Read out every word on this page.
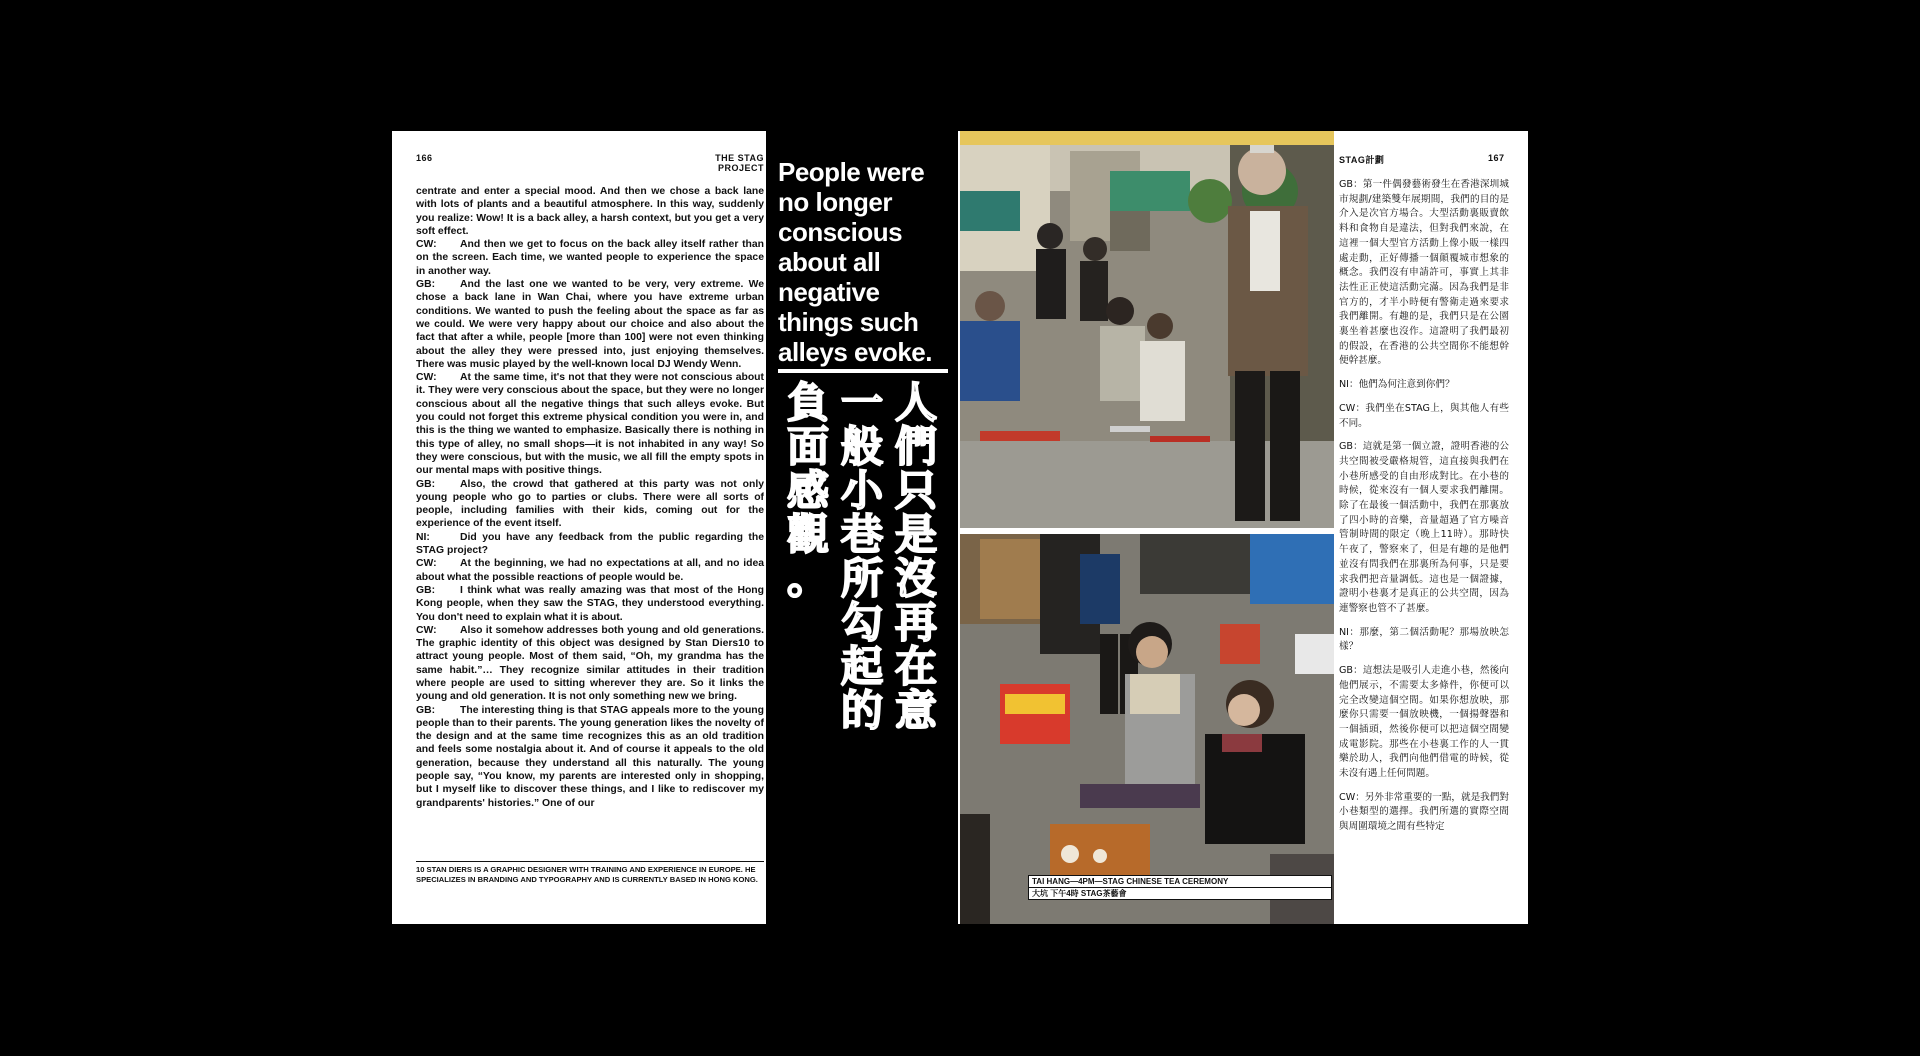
166	THE STAG PROJECT

centrate and enter a special mood. And then we chose a back lane with lots of plants and a beautiful atmosphere. In this way, suddenly you realize: Wow! It is a back alley, a harsh context, but you get a very soft effect.

CW: And then we get to focus on the back alley itself rather than on the screen. Each time, we wanted people to experience the space in another way.

GB: And the last one we wanted to be very, very extreme. We chose a back lane in Wan Chai, where you have extreme urban conditions. We wanted to push the feeling about the space as far as we could. We were very happy about our choice and also about the fact that after a while, people [more than 100] were not even thinking about the alley they were pressed into, just enjoying themselves. There was music played by the well-known local DJ Wendy Wenn.

CW: At the same time, it's not that they were not conscious about it. They were very conscious about the space, but they were no longer conscious about all the negative things that such alleys evoke. But you could not forget this extreme physical condition you were in, and this is the thing we wanted to emphasize. Basically there is nothing in this type of alley, no small shops—it is not inhabited in any way! So they were conscious, but with the music, we all fill the empty spots in our mental maps with positive things.

GB: Also, the crowd that gathered at this party was not only young people who go to parties or clubs. There were all sorts of people, including families with their kids, coming out for the experience of the event itself.

NI:	Did you have any feedback from the public regarding the STAG project?

CW: At the beginning, we had no expectations at all, and no idea about what the possible reactions of people would be.

GB: I think what was really amazing was that most of the Hong Kong people, when they saw the STAG, they understood everything. You don't need to explain what it is about.

CW: Also it somehow addresses both young and old generations. The graphic identity of this object was designed by Stan Diers10 to attract young people. Most of them said, “Oh, my grandma has the same habit.”… They recognize similar attitudes in their tradition where people are used to sitting wherever they are. So it links the young and old generation. It is not only something new we bring.

GB: The interesting thing is that STAG appeals more to the young people than to their parents. The young generation likes the novelty of the design and at the same time recognizes this as an old tradition and feels some nostalgia about it. And of course it appeals to the old generation, because they understand all this naturally. The young people say, “You know, my parents are interested only in shopping, but I myself like to discover these things, and I like to rediscover my grandparents' histories.” One of our

10 STAN DIERS IS A GRAPHIC DESIGNER WITH TRAINING AND EXPERIENCE IN EUROPE. HE SPECIALIZES IN BRANDING AND TYPOGRAPHY AND IS CURRENTLY BASED IN HONG KONG.
People were no longer conscious about all negative things such alleys evoke.
人
們
只
是
沒
再
在
意
一
般
小
巷
所
勾
起
的
負
面
感
觀
。
TAI HANG—4PM—STAG CHINESE TEA CEREMONY
大坑 下午4時 STAG茶藝會
STAG計劃	167

GB：第一件偶發藝術發生在香港深圳城市規劃/建築雙年展期間，我們的目的是介入是次官方場合。大型活動裏販賣飲料和食物自是違法，但對我們來說，在這裡一個大型官方活動上像小販一樣四處走動，正好傳播一個顛覆城市想象的概念。我們沒有申請許可，事實上其非法性正正使這活動完滿。因為我們是非官方的，才半小時便有警衛走過來要求我們離開。有趣的是，我們只是在公園裏坐着甚麼也沒作。這證明了我們最初的假設，在香港的公共空間你不能想幹便幹甚麼。

NI：他們為何注意到你們？

CW：我們坐在STAG上，與其他人有些不同。

GB：這就是第一個立證，證明香港的公共空間被受嚴格規管，這直接與我們在小巷所感受的自由形成對比。在小巷的時候，從來沒有一個人要求我們離開。除了在最後一個活動中，我們在那裏放了四小時的音樂，音量超過了官方噪音管制時間的限定（晚上11時）。那時快午夜了，警察來了，但是有趣的是他們並沒有問我們在那裏所為何事，只是要求我們把音量調低。這也是一個證據，證明小巷裏才是真正的公共空間，因為連警察也管不了甚麼。

NI：那麼，第二個活動呢？那場放映怎樣？

GB：這想法是吸引人走進小巷，然後向他們展示，不需要太多條件，你便可以完全改變這個空間。如果你想放映，那麼你只需要一個放映機，一個揚聲器和一個插頭，然後你便可以把這個空間變成電影院。那些在小巷裏工作的人一貫樂於助人，我們向他們借電的時候，從未沒有遇上任何問題。

CW：另外非常重要的一點，就是我們對小巷類型的選擇。我們所選的實際空間與周圍環境之間有些特定
